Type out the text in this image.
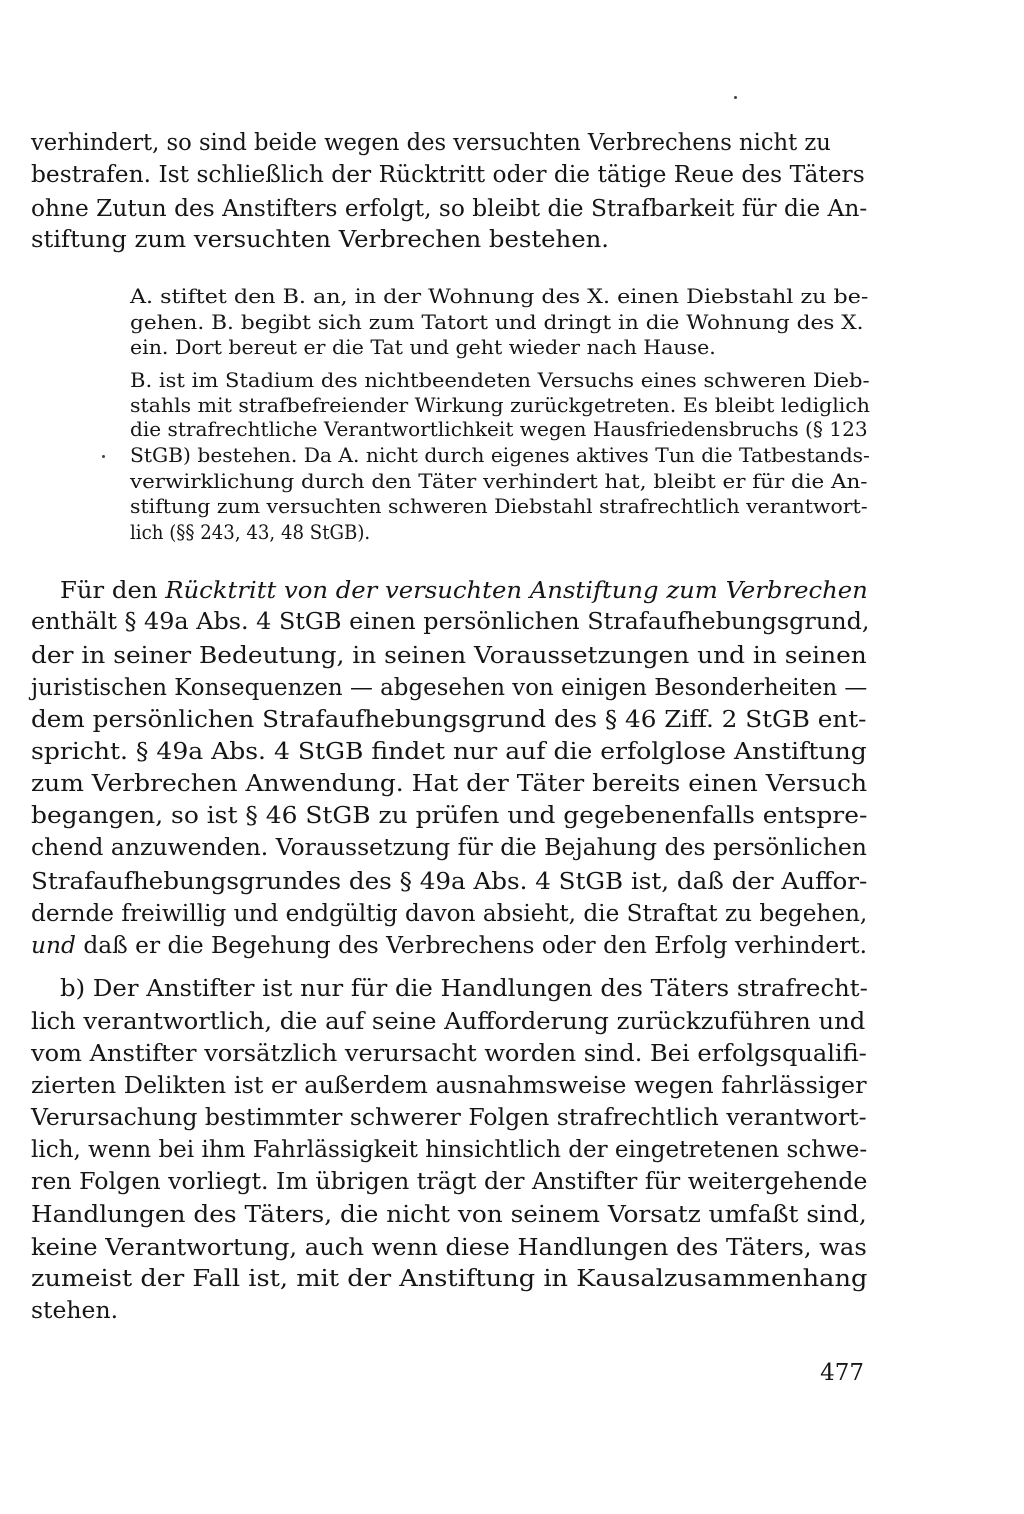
verhindert, so sind beide wegen des versuchten Verbrechens nicht zu
bestrafen. Ist schließlich der Rücktritt oder die tätige Reue des Täters
ohne Zutun des Anstifters erfolgt, so bleibt die Strafbarkeit für die An-
stiftung zum versuchten Verbrechen bestehen.
A. stiftet den B. an, in der Wohnung des X. einen Diebstahl zu be-
gehen. B. begibt sich zum Tatort und dringt in die Wohnung des X.
ein. Dort bereut er die Tat und geht wieder nach Hause.
B. ist im Stadium des nichtbeendeten Versuchs eines schweren Dieb-
stahls mit strafbefreiender Wirkung zurückgetreten. Es bleibt lediglich
die strafrechtliche Verantwortlichkeit wegen Hausfriedensbruchs (§ 123
StGB) bestehen. Da A. nicht durch eigenes aktives Tun die Tatbestands-
verwirklichung durch den Täter verhindert hat, bleibt er für die An-
stiftung zum versuchten schweren Diebstahl strafrechtlich verantwort-
lich (§§ 243, 43, 48 StGB).
Für den Rücktritt von der versuchten Anstiftung zum Verbrechen
enthält § 49a Abs. 4 StGB einen persönlichen Strafaufhebungsgrund,
der in seiner Bedeutung, in seinen Voraussetzungen und in seinen
juristischen Konsequenzen — abgesehen von einigen Besonderheiten —
dem persönlichen Strafaufhebungsgrund des § 46 Ziff. 2 StGB ent-
spricht. § 49a Abs. 4 StGB findet nur auf die erfolglose Anstiftung
zum Verbrechen Anwendung. Hat der Täter bereits einen Versuch
begangen, so ist § 46 StGB zu prüfen und gegebenenfalls entspre-
chend anzuwenden. Voraussetzung für die Bejahung des persönlichen
Strafaufhebungsgrundes des § 49a Abs. 4 StGB ist, daß der Auffor-
dernde freiwillig und endgültig davon absieht, die Straftat zu begehen,
und daß er die Begehung des Verbrechens oder den Erfolg verhindert.
b) Der Anstifter ist nur für die Handlungen des Täters strafrecht-
lich verantwortlich, die auf seine Aufforderung zurückzuführen und
vom Anstifter vorsätzlich verursacht worden sind. Bei erfolgsqualifi-
zierten Delikten ist er außerdem ausnahmsweise wegen fahrlässiger
Verursachung bestimmter schwerer Folgen strafrechtlich verantwort-
lich, wenn bei ihm Fahrlässigkeit hinsichtlich der eingetretenen schwe-
ren Folgen vorliegt. Im übrigen trägt der Anstifter für weitergehende
Handlungen des Täters, die nicht von seinem Vorsatz umfaßt sind,
keine Verantwortung, auch wenn diese Handlungen des Täters, was
zumeist der Fall ist, mit der Anstiftung in Kausalzusammenhang
stehen.
477
